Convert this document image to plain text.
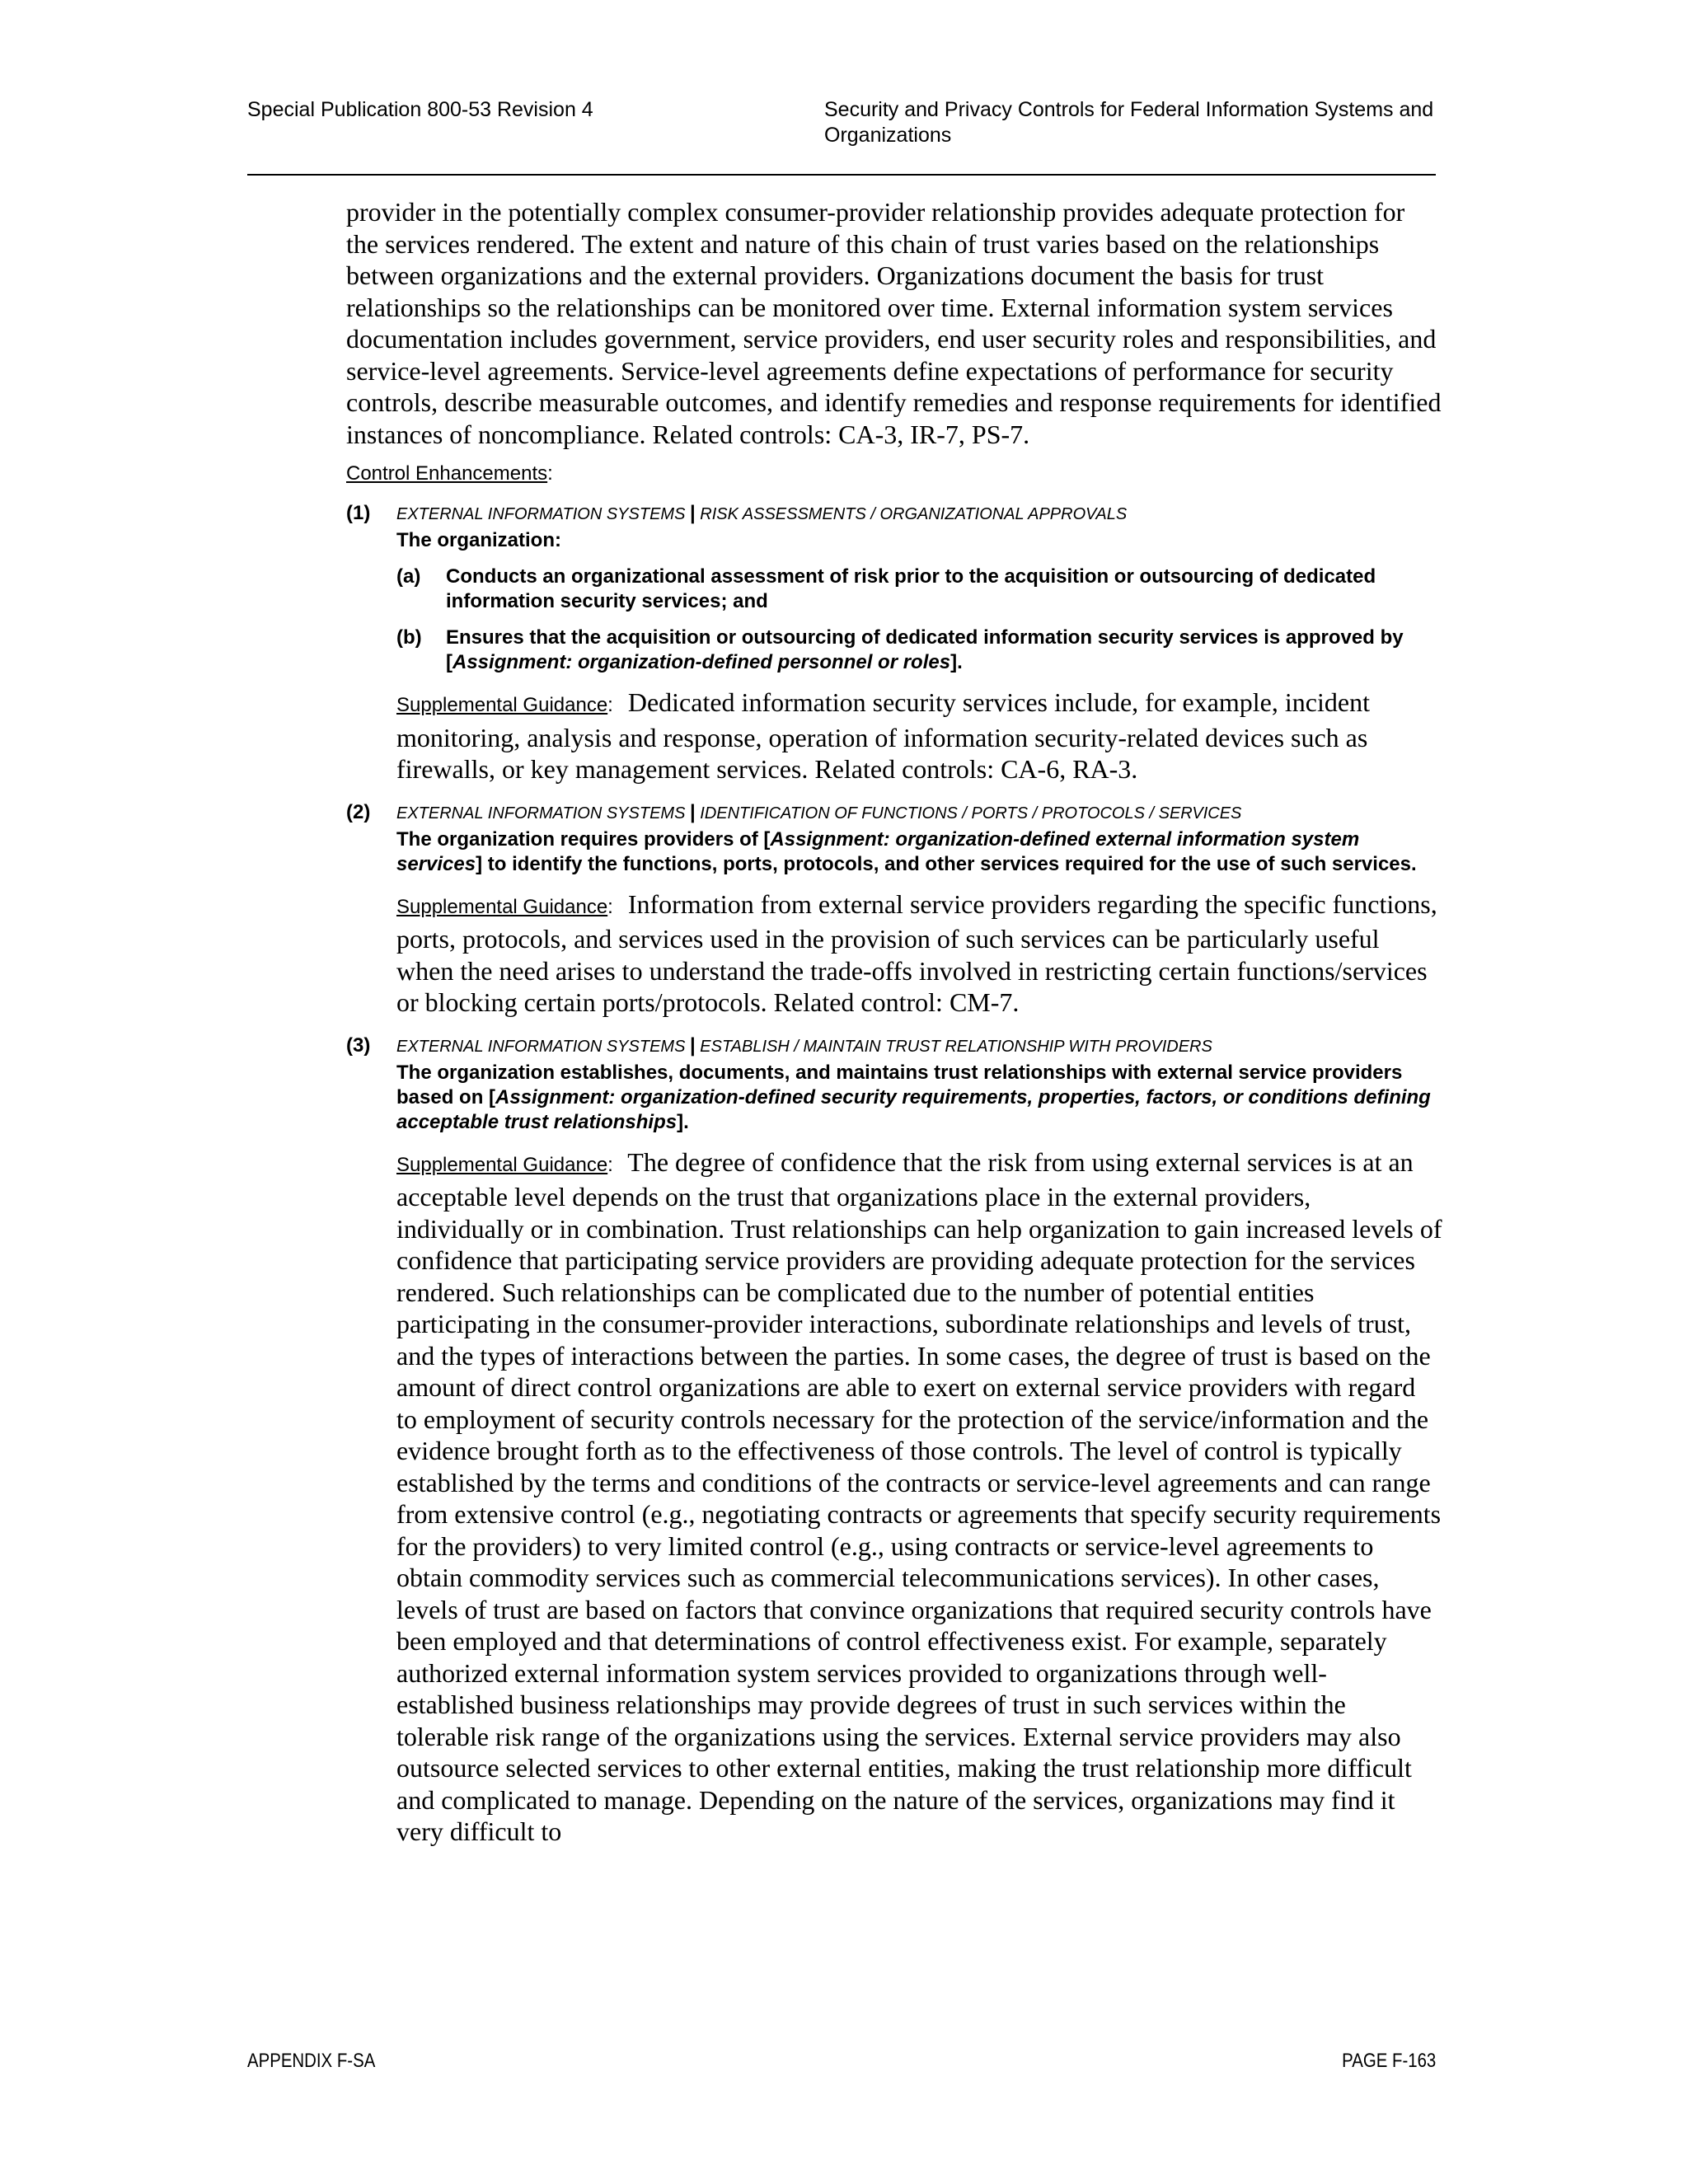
Special Publication 800-53 Revision 4	Security and Privacy Controls for Federal Information Systems and Organizations

provider in the potentially complex consumer-provider relationship provides adequate protection for the services rendered. The extent and nature of this chain of trust varies based on the relationships between organizations and the external providers. Organizations document the basis for trust relationships so the relationships can be monitored over time. External information system services documentation includes government, service providers, end user security roles and responsibilities, and service-level agreements. Service-level agreements define expectations of performance for security controls, describe measurable outcomes, and identify remedies and response requirements for identified instances of noncompliance. Related controls: CA-3, IR-7, PS-7.

Control Enhancements:
(1) EXTERNAL INFORMATION SYSTEMS | RISK ASSESSMENTS / ORGANIZATIONAL APPROVALS
The organization:
(a) Conducts an organizational assessment of risk prior to the acquisition or outsourcing of dedicated information security services; and
(b) Ensures that the acquisition or outsourcing of dedicated information security services is approved by [Assignment: organization-defined personnel or roles].
Supplemental Guidance: Dedicated information security services include, for example, incident monitoring, analysis and response, operation of information security-related devices such as firewalls, or key management services. Related controls: CA-6, RA-3.
(2) EXTERNAL INFORMATION SYSTEMS | IDENTIFICATION OF FUNCTIONS / PORTS / PROTOCOLS / SERVICES
The organization requires providers of [Assignment: organization-defined external information system services] to identify the functions, ports, protocols, and other services required for the use of such services.
Supplemental Guidance: Information from external service providers regarding the specific functions, ports, protocols, and services used in the provision of such services can be particularly useful when the need arises to understand the trade-offs involved in restricting certain functions/services or blocking certain ports/protocols. Related control: CM-7.
(3) EXTERNAL INFORMATION SYSTEMS | ESTABLISH / MAINTAIN TRUST RELATIONSHIP WITH PROVIDERS
The organization establishes, documents, and maintains trust relationships with external service providers based on [Assignment: organization-defined security requirements, properties, factors, or conditions defining acceptable trust relationships].
Supplemental Guidance: The degree of confidence that the risk from using external services is at an acceptable level depends on the trust that organizations place in the external providers, individually or in combination. Trust relationships can help organization to gain increased levels of confidence that participating service providers are providing adequate protection for the services rendered. Such relationships can be complicated due to the number of potential entities participating in the consumer-provider interactions, subordinate relationships and levels of trust, and the types of interactions between the parties. In some cases, the degree of trust is based on the amount of direct control organizations are able to exert on external service providers with regard to employment of security controls necessary for the protection of the service/information and the evidence brought forth as to the effectiveness of those controls. The level of control is typically established by the terms and conditions of the contracts or service-level agreements and can range from extensive control (e.g., negotiating contracts or agreements that specify security requirements for the providers) to very limited control (e.g., using contracts or service-level agreements to obtain commodity services such as commercial telecommunications services). In other cases, levels of trust are based on factors that convince organizations that required security controls have been employed and that determinations of control effectiveness exist. For example, separately authorized external information system services provided to organizations through well-established business relationships may provide degrees of trust in such services within the tolerable risk range of the organizations using the services. External service providers may also outsource selected services to other external entities, making the trust relationship more difficult and complicated to manage. Depending on the nature of the services, organizations may find it very difficult to
APPENDIX F-SA	PAGE F-163
